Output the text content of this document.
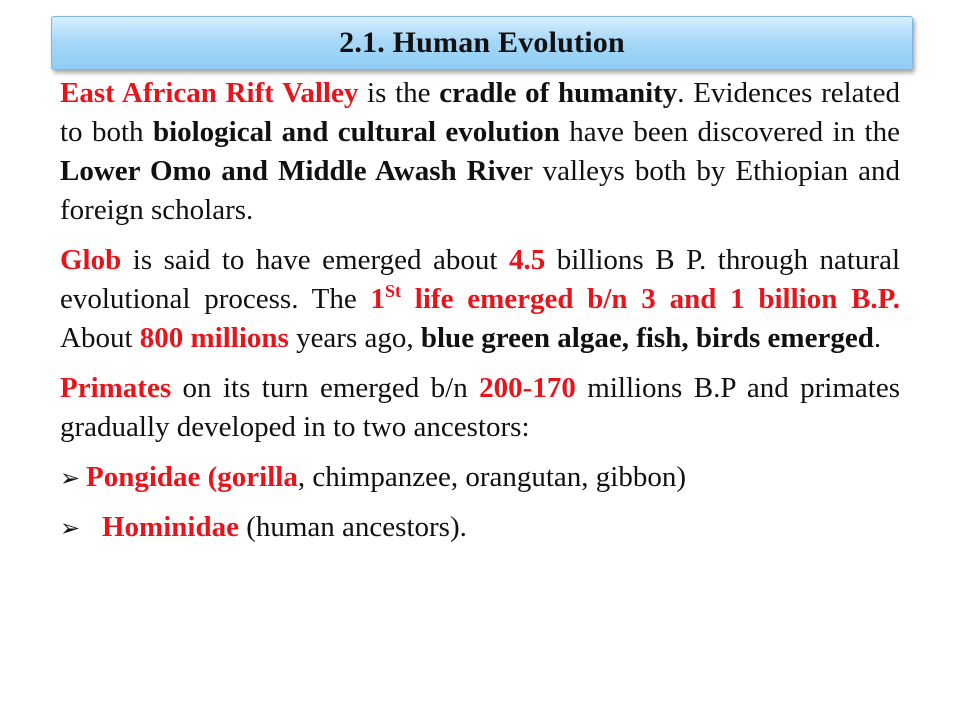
2.1. Human Evolution

East African Rift Valley is the cradle of humanity. Evidences related to both biological and cultural evolution have been discovered in the Lower Omo and Middle Awash River valleys both by Ethiopian and foreign scholars.

Glob is said to have emerged about 4.5 billions B P. through natural evolutional process. The 1St life emerged b/n 3 and 1 billion B.P. About 800 millions years ago, blue green algae, fish, birds emerged.

Primates on its turn emerged b/n 200-170 millions B.P and primates gradually developed in to two ancestors:

➢ Pongidae (gorilla, chimpanzee, orangutan, gibbon)
➢ Hominidae (human ancestors).
